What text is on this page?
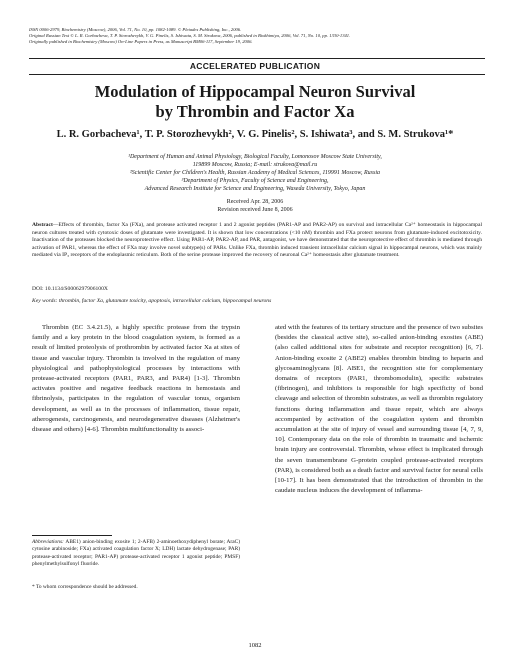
ISSN 0006-2979, Biochemistry (Moscow), 2006, Vol. 71, No. 10, pp. 1082-1089. © Pleiades Publishing, Inc., 2006.
Original Russian Text © L. R. Gorbacheva, T. P. Storozhevykh, V. G. Pinelis, S. Ishiwata, S. M. Strukova, 2006, published in Biokhimiya, 2006, Vol. 71, No. 10, pp. 1330-1341.
Originally published in Biochemistry (Moscow) On-Line Papers in Press, as Manuscript BM06-117, September 19, 2006.
ACCELERATED PUBLICATION
Modulation of Hippocampal Neuron Survival
by Thrombin and Factor Xa
L. R. Gorbacheva¹, T. P. Storozhevykh², V. G. Pinelis², S. Ishiwata³, and S. M. Strukova¹*
¹Department of Human and Animal Physiology, Biological Faculty, Lomonosov Moscow State University,
119899 Moscow, Russia; E-mail: strukova@mail.ru
²Scientific Center for Children's Health, Russian Academy of Medical Sciences, 119991 Moscow, Russia
³Department of Physics, Faculty of Science and Engineering,
Advanced Research Institute for Science and Engineering, Waseda University, Tokyo, Japan
Received Apr. 28, 2006
Revision received June 8, 2006
Abstract—Effects of thrombin, factor Xa (FXa), and protease activated receptor 1 and 2 agonist peptides (PAR1-AP and PAR2-AP) on survival and intracellular Ca²⁺ homeostasis in hippocampal neuron cultures treated with cytotoxic doses of glutamate were investigated. It is shown that low concentrations (<10 nM) thrombin and FXa protect neurons from glutamate-induced excitotoxicity. Inactivation of the proteases blocked the neuroprotective effect. Using PAR1-AP, PAR2-AP, and PAR, antagonist, we have demonstrated that the neuroprotective effect of thrombin is mediated through activation of PAR1, whereas the effect of FXa may involve novel subtype(s) of PARs. Unlike FXa, thrombin induced transient intracellular calcium signal in hippocampal neurons, which was mainly mediated via IP₃ receptors of the endoplasmic reticulum. Both of the serine protease improved the recovery of neuronal Ca²⁺ homeostasis after glutamate treatment.
DOI: 10.1134/S0006297906100X
Key words: thrombin, factor Xa, glutamate toxicity, apoptosis, intracellular calcium, hippocampal neurons

Thrombin (EC 3.4.21.5), a highly specific protease from the trypsin family and a key protein in the blood coagulation system, is formed as a result of limited proteolysis of prothrombin by activated factor Xa at sites of tissue and vascular injury. Thrombin is involved in the regulation of many physiological and pathophysiological processes by interactions with protease-activated receptors (PAR1, PAR3, and PAR4) [1-3]. Thrombin activates positive and negative feedback reactions in hemostasis and fibrinolysis, participates in the regulation of vascular tonus, organism development, as well as in the processes of inflammation, tissue repair, atherogenesis, carcinogenesis, and neurodegenerative diseases (Alzheimer's disease and others) [4-6]. Thrombin multifunctionality is associ-

ated with the features of its tertiary structure and the presence of two subsites (besides the classical active site), so-called anion-binding exosites (ABE) (also called additional sites for substrate and receptor recognition) [6, 7]. Anion-binding exosite 2 (ABE2) enables thrombin binding to heparin and glycosaminoglycans [8]. ABE1, the recognition site for complementary domains of receptors (PAR1, thrombomodulin), specific substrates (fibrinogen), and inhibitors is responsible for high specificity of bond cleavage and selection of thrombin substrates, as well as thrombin regulatory functions during inflammation and tissue repair, which are always accompanied by activation of the coagulation system and thrombin accumulation at the site of injury of vessel and surrounding tissue [4, 7, 9, 10]. Contemporary data on the role of thrombin in traumatic and ischemic brain injury are controversial. Thrombin, whose effect is implicated through the seven transmembrane G-protein coupled protease-activated receptors (PAR), is considered both as a death factor and survival factor for neural cells [10-17]. It has been demonstrated that the introduction of thrombin in the caudate nucleus induces the development of inflamma-

Abbreviations: ABE1) anion-binding exosite 1; 2-AFB) 2-aminoethoxydiphenyl borate; AraC) cytosine arabinoside; FXa) activated coagulation factor X; LDH) lactate dehydrogenase; PAR) protease-activated receptor; PAR1-AP) protease-activated receptor 1 agonist peptide; PMSF) phenylmethylsulfonyl fluoride.
* To whom correspondence should be addressed.
1082
